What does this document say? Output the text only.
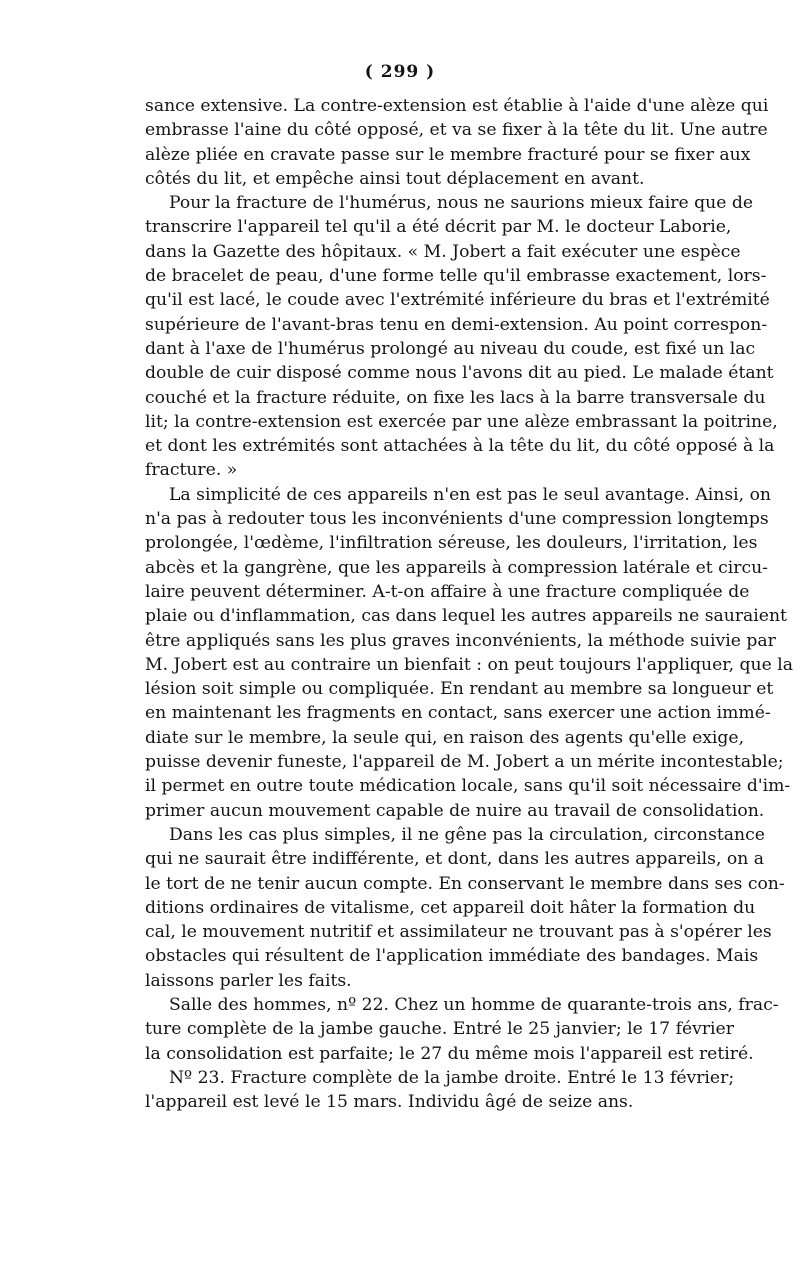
( 299 )
sance extensive. La contre-extension est établie à l'aide d'une alèze qui
embrasse l'aine du côté opposé, et va se fixer à la tête du lit. Une autre
alèze pliée en cravate passe sur le membre fracturé pour se fixer aux
côtés du lit, et empêche ainsi tout déplacement en avant.
Pour la fracture de l'humérus, nous ne saurions mieux faire que de
transcrire l'appareil tel qu'il a été décrit par M. le docteur Laborie,
dans la Gazette des hôpitaux. « M. Jobert a fait exécuter une espèce
de bracelet de peau, d'une forme telle qu'il embrasse exactement, lors-
qu'il est lacé, le coude avec l'extrémité inférieure du bras et l'extrémité
supérieure de l'avant-bras tenu en demi-extension. Au point correspon-
dant à l'axe de l'humérus prolongé au niveau du coude, est fixé un lac
double de cuir disposé comme nous l'avons dit au pied. Le malade étant
couché et la fracture réduite, on fixe les lacs à la barre transversale du
lit; la contre-extension est exercée par une alèze embrassant la poitrine,
et dont les extrémités sont attachées à la tête du lit, du côté opposé à la
fracture. »
La simplicité de ces appareils n'en est pas le seul avantage. Ainsi, on
n'a pas à redouter tous les inconvénients d'une compression longtemps
prolongée, l'œdème, l'infiltration séreuse, les douleurs, l'irritation, les
abcès et la gangrène, que les appareils à compression latérale et circu-
laire peuvent déterminer. A-t-on affaire à une fracture compliquée de
plaie ou d'inflammation, cas dans lequel les autres appareils ne sauraient
être appliqués sans les plus graves inconvénients, la méthode suivie par
M. Jobert est au contraire un bienfait : on peut toujours l'appliquer, que la
lésion soit simple ou compliquée. En rendant au membre sa longueur et
en maintenant les fragments en contact, sans exercer une action immé-
diate sur le membre, la seule qui, en raison des agents qu'elle exige,
puisse devenir funeste, l'appareil de M. Jobert a un mérite incontestable;
il permet en outre toute médication locale, sans qu'il soit nécessaire d'im-
primer aucun mouvement capable de nuire au travail de consolidation.
Dans les cas plus simples, il ne gêne pas la circulation, circonstance
qui ne saurait être indifférente, et dont, dans les autres appareils, on a
le tort de ne tenir aucun compte. En conservant le membre dans ses con-
ditions ordinaires de vitalisme, cet appareil doit hâter la formation du
cal, le mouvement nutritif et assimilateur ne trouvant pas à s'opérer les
obstacles qui résultent de l'application immédiate des bandages. Mais
laissons parler les faits.
Salle des hommes, nº 22. Chez un homme de quarante-trois ans, frac-
ture complète de la jambe gauche. Entré le 25 janvier; le 17 février
la consolidation est parfaite; le 27 du même mois l'appareil est retiré.
Nº 23. Fracture complète de la jambe droite. Entré le 13 février;
l'appareil est levé le 15 mars. Individu âgé de seize ans.
